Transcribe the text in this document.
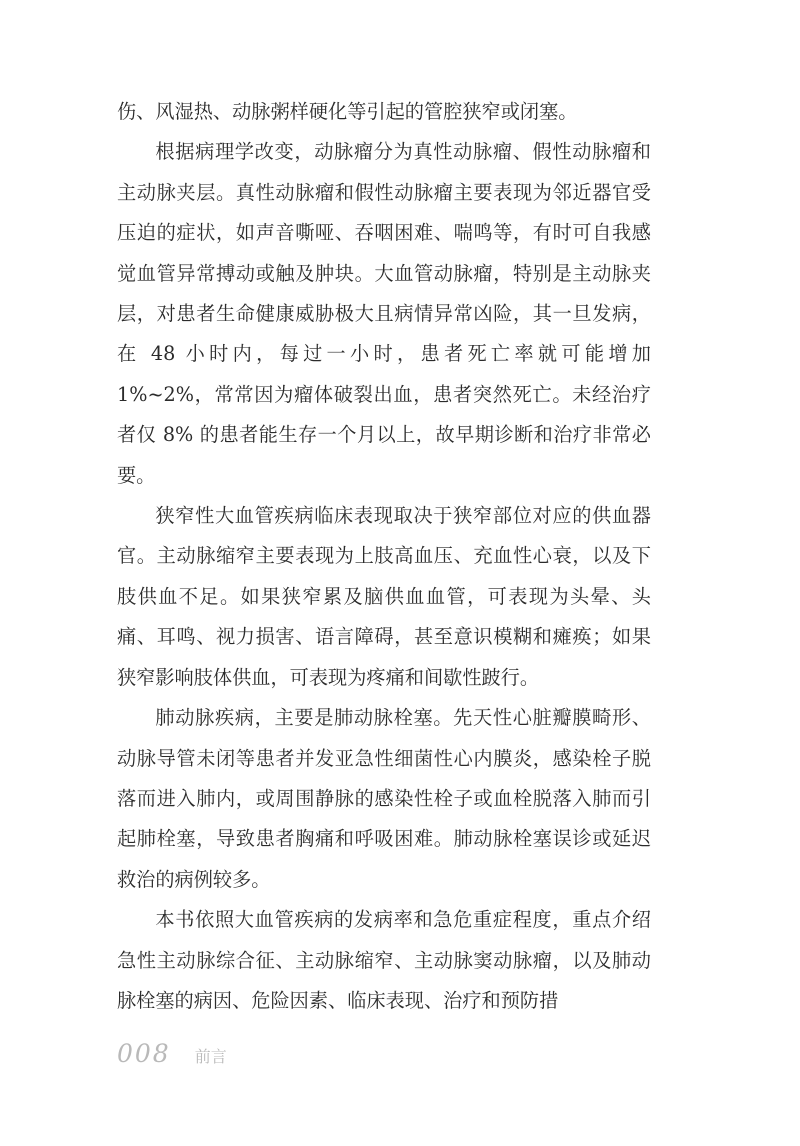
伤、风湿热、动脉粥样硬化等引起的管腔狭窄或闭塞。

根据病理学改变，动脉瘤分为真性动脉瘤、假性动脉瘤和主动脉夹层。真性动脉瘤和假性动脉瘤主要表现为邻近器官受压迫的症状，如声音嘶哑、吞咽困难、喘鸣等，有时可自我感觉血管异常搏动或触及肿块。大血管动脉瘤，特别是主动脉夹层，对患者生命健康威胁极大且病情异常凶险，其一旦发病，在 48 小时内，每过一小时，患者死亡率就可能增加 1%~2%，常常因为瘤体破裂出血，患者突然死亡。未经治疗者仅 8% 的患者能生存一个月以上，故早期诊断和治疗非常必要。

狭窄性大血管疾病临床表现取决于狭窄部位对应的供血器官。主动脉缩窄主要表现为上肢高血压、充血性心衰，以及下肢供血不足。如果狭窄累及脑供血血管，可表现为头晕、头痛、耳鸣、视力损害、语言障碍，甚至意识模糊和瘫痪；如果狭窄影响肢体供血，可表现为疼痛和间歇性跛行。

肺动脉疾病，主要是肺动脉栓塞。先天性心脏瓣膜畸形、动脉导管未闭等患者并发亚急性细菌性心内膜炎，感染栓子脱落而进入肺内，或周围静脉的感染性栓子或血栓脱落入肺而引起肺栓塞，导致患者胸痛和呼吸困难。肺动脉栓塞误诊或延迟救治的病例较多。

本书依照大血管疾病的发病率和急危重症程度，重点介绍急性主动脉综合征、主动脉缩窄、主动脉窦动脉瘤，以及肺动脉栓塞的病因、危险因素、临床表现、治疗和预防措

008 前言
